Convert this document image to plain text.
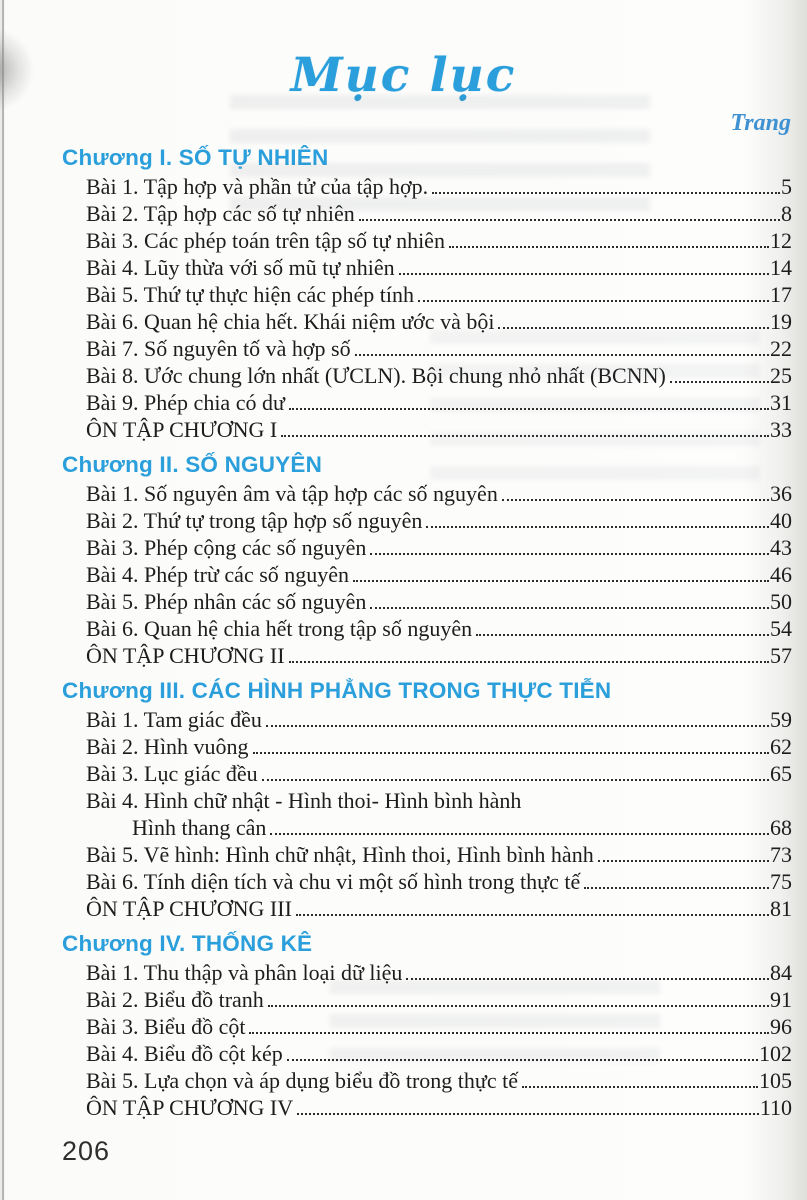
Mục lục
Trang
Chương I. SỐ TỰ NHIÊN
Bài 1. Tập hợp và phần tử của tập hợp.	5
Bài 2. Tập hợp các số tự nhiên	8
Bài 3. Các phép toán trên tập số tự nhiên	12
Bài 4. Lũy thừa với số mũ tự nhiên	14
Bài 5. Thứ tự thực hiện các phép tính	17
Bài 6. Quan hệ chia hết. Khái niệm ước và bội	19
Bài 7. Số nguyên tố và hợp số	22
Bài 8. Ước chung lớn nhất (ƯCLN). Bội chung nhỏ nhất (BCNN)	25
Bài 9. Phép chia có dư	31
ÔN TẬP CHƯƠNG I	33
Chương II. SỐ NGUYÊN
Bài 1. Số nguyên âm và tập hợp các số nguyên	36
Bài 2. Thứ tự trong tập hợp số nguyên	40
Bài 3. Phép cộng các số nguyên	43
Bài 4. Phép trừ các số nguyên	46
Bài 5. Phép nhân các số nguyên	50
Bài 6. Quan hệ chia hết trong tập số nguyên	54
ÔN TẬP CHƯƠNG II	57
Chương III. CÁC HÌNH PHẲNG TRONG THỰC TIỄN
Bài 1. Tam giác đều	59
Bài 2. Hình vuông	62
Bài 3. Lục giác đều	65
Bài 4. Hình chữ nhật - Hình thoi- Hình bình hành
Hình thang cân	68
Bài 5. Vẽ hình: Hình chữ nhật, Hình thoi, Hình bình hành	73
Bài 6. Tính diện tích và chu vi một số hình trong thực tế	75
ÔN TẬP CHƯƠNG III	81
Chương IV. THỐNG KÊ
Bài 1. Thu thập và phân loại dữ liệu	84
Bài 2. Biểu đồ tranh	91
Bài 3. Biểu đồ cột	96
Bài 4. Biểu đồ cột kép	102
Bài 5. Lựa chọn và áp dụng biểu đồ trong thực tế	105
ÔN TẬP CHƯƠNG IV	110
206
